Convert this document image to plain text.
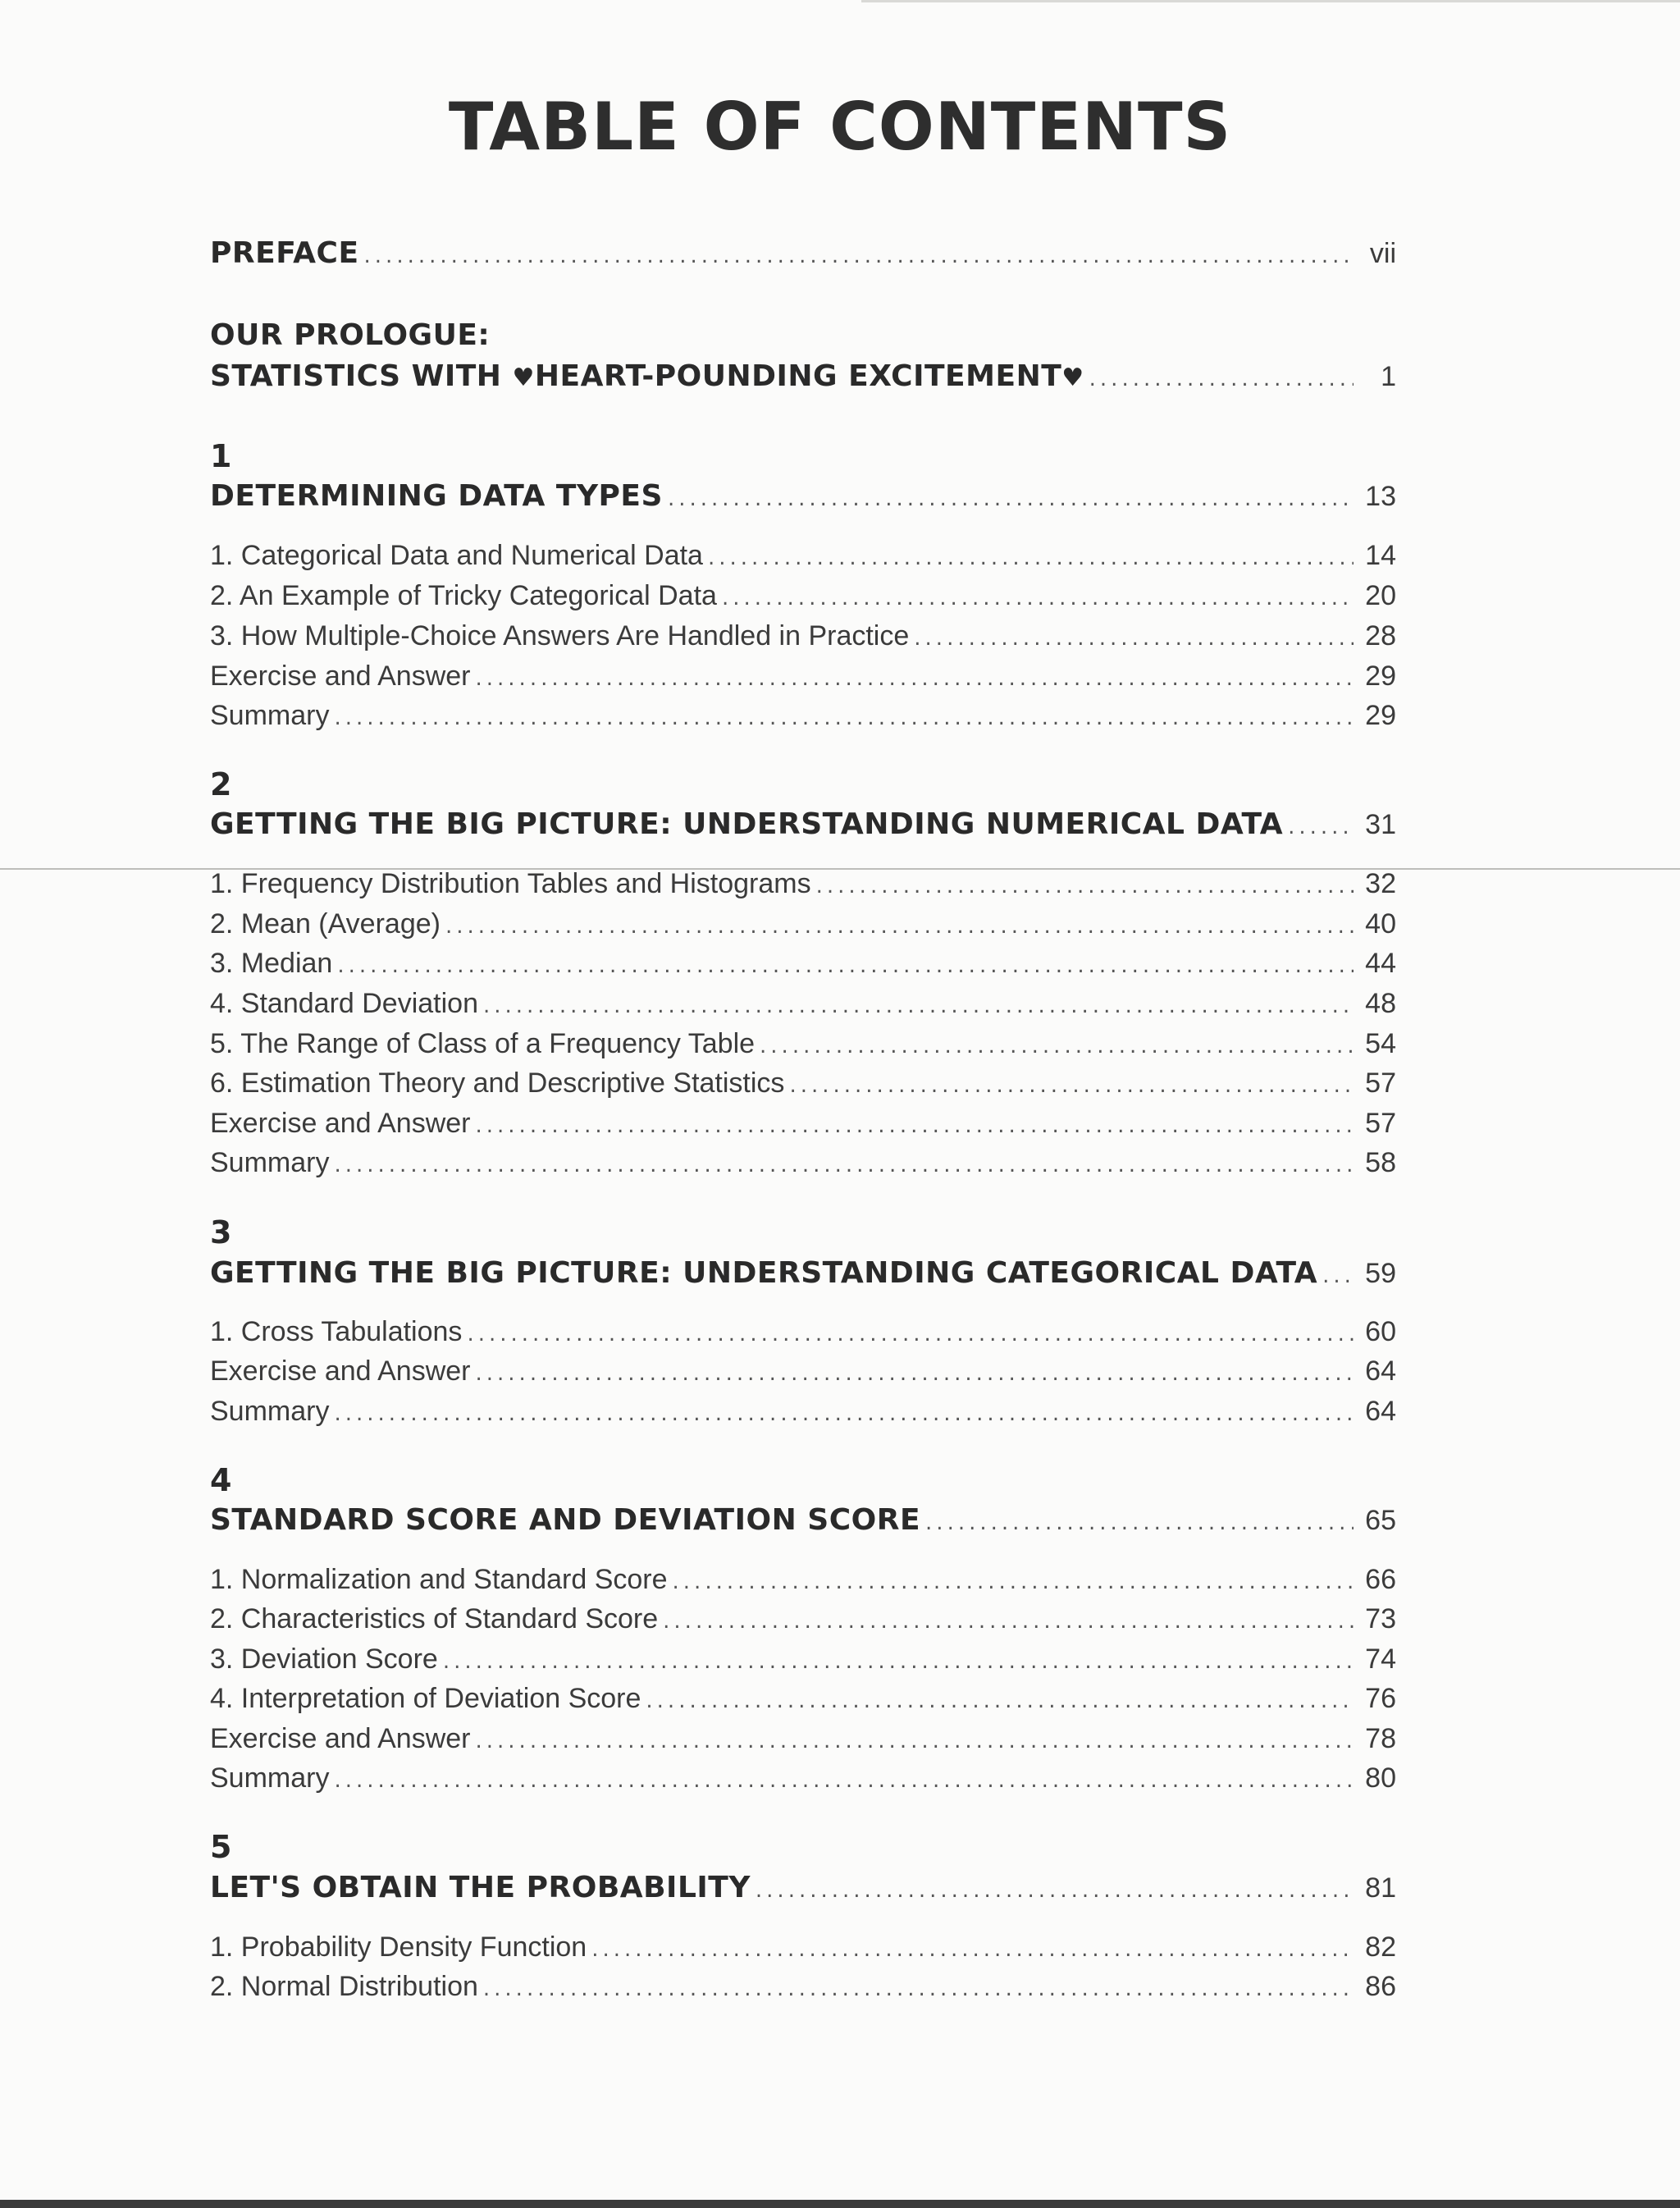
TABLE OF CONTENTS
PREFACE .....	vii
OUR PROLOGUE:
STATISTICS WITH ♥HEART-POUNDING EXCITEMENT♥ .....	1
1
DETERMINING DATA TYPES .....	13
1. Categorical Data and Numerical Data .....	14
2. An Example of Tricky Categorical Data .....	20
3. How Multiple-Choice Answers Are Handled in Practice .....	28
Exercise and Answer .....	29
Summary .....	29
2
GETTING THE BIG PICTURE: UNDERSTANDING NUMERICAL DATA .....	31
1. Frequency Distribution Tables and Histograms .....	32
2. Mean (Average) .....	40
3. Median .....	44
4. Standard Deviation .....	48
5. The Range of Class of a Frequency Table .....	54
6. Estimation Theory and Descriptive Statistics .....	57
Exercise and Answer .....	57
Summary .....	58
3
GETTING THE BIG PICTURE: UNDERSTANDING CATEGORICAL DATA ..... 59
1. Cross Tabulations .....	60
Exercise and Answer .....	64
Summary .....	64
4
STANDARD SCORE AND DEVIATION SCORE .....	65
1. Normalization and Standard Score .....	66
2. Characteristics of Standard Score .....	73
3. Deviation Score .....	74
4. Interpretation of Deviation Score .....	76
Exercise and Answer .....	78
Summary .....	80
5
LET'S OBTAIN THE PROBABILITY .....	81
1. Probability Density Function .....	82
2. Normal Distribution .....	86
